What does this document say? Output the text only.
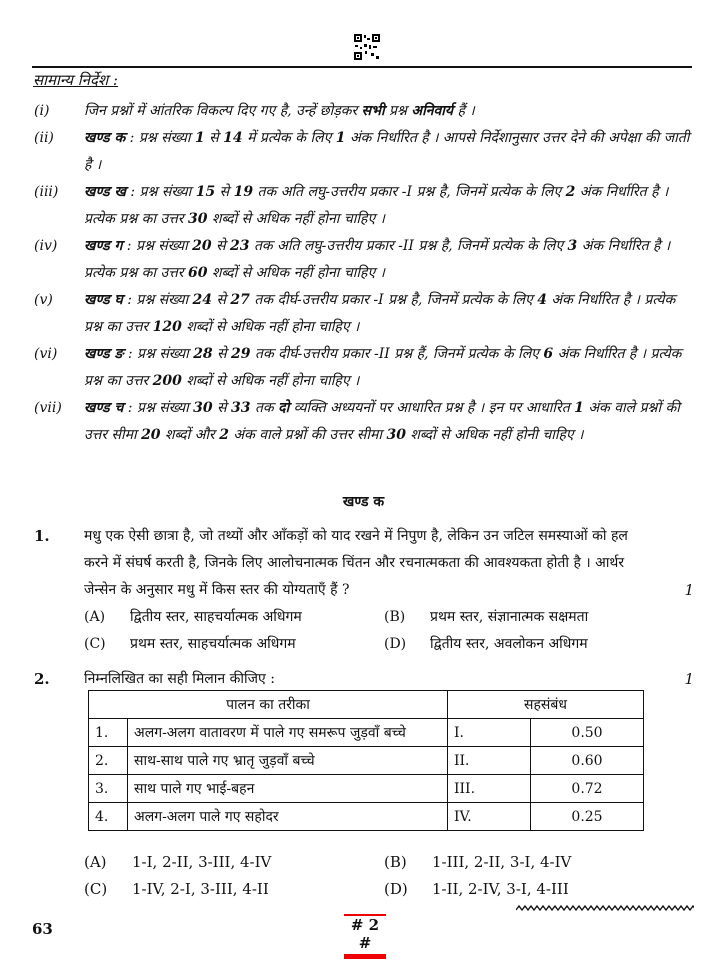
सामान्य निर्देश :
(i)	जिन प्रश्नों में आंतरिक विकल्प दिए गए है, उन्हें छोड़कर सभी प्रश्न अनिवार्य हैं ।
(ii)	खण्ड क : प्रश्न संख्या 1 से 14 में प्रत्येक के लिए 1 अंक निर्धारित है । आपसे निर्देशानुसार उत्तर देने की अपेक्षा की जाती है ।
(iii)	खण्ड ख : प्रश्न संख्या 15 से 19 तक अति लघु-उत्तरीय प्रकार -I प्रश्न है, जिनमें प्रत्येक के लिए 2 अंक निर्धारित है । प्रत्येक प्रश्न का उत्तर 30 शब्दों से अधिक नहीं होना चाहिए ।
(iv)	खण्ड ग : प्रश्न संख्या 20 से 23 तक अति लघु-उत्तरीय प्रकार -II प्रश्न है, जिनमें प्रत्येक के लिए 3 अंक निर्धारित है । प्रत्येक प्रश्न का उत्तर 60 शब्दों से अधिक नहीं होना चाहिए ।
(v)	खण्ड घ : प्रश्न संख्या 24 से 27 तक दीर्घ-उत्तरीय प्रकार -I प्रश्न है, जिनमें प्रत्येक के लिए 4 अंक निर्धारित है । प्रत्येक प्रश्न का उत्तर 120 शब्दों से अधिक नहीं होना चाहिए ।
(vi)	खण्ड ङ : प्रश्न संख्या 28 से 29 तक दीर्घ-उत्तरीय प्रकार -II प्रश्न हैं, जिनमें प्रत्येक के लिए 6 अंक निर्धारित है । प्रत्येक प्रश्न का उत्तर 200 शब्दों से अधिक नहीं होना चाहिए ।
(vii)	खण्ड च : प्रश्न संख्या 30 से 33 तक दो व्यक्ति अध्ययनों पर आधारित प्रश्न है । इन पर आधारित 1 अंक वाले प्रश्नों की उत्तर सीमा 20 शब्दों और 2 अंक वाले प्रश्नों की उत्तर सीमा 30 शब्दों से अधिक नहीं होनी चाहिए ।
खण्ड क
1. मधु एक ऐसी छात्रा है, जो तथ्यों और आँकड़ों को याद रखने में निपुण है, लेकिन उन जटिल समस्याओं को हल करने में संघर्ष करती है, जिनके लिए आलोचनात्मक चिंतन और रचनात्मकता की आवश्यकता होती है । आर्थर जेन्सेन के अनुसार मधु में किस स्तर की योग्यताएँ हैं ?	1
(A) द्वितीय स्तर, साहचर्यात्मक अधिगम	(B) प्रथम स्तर, संज्ञानात्मक सक्षमता
(C) प्रथम स्तर, साहचर्यात्मक अधिगम	(D) द्वितीय स्तर, अवलोकन अधिगम
2. निम्नलिखित का सही मिलान कीजिए :	1
पालन का तरीका		सहसंबंध	
1.	अलग-अलग वातावरण में पाले गए समरूप जुड़वाँ बच्चे	I.	0.50
2.	साथ-साथ पाले गए भ्रातृ जुड़वाँ बच्चे	II.	0.60
3.	साथ पाले गए भाई-बहन	III.	0.72
4.	अलग-अलग पाले गए सहोदर	IV.	0.25
(A) 1-I, 2-II, 3-III, 4-IV	(B) 1-III, 2-II, 3-I, 4-IV
(C) 1-IV, 2-I, 3-III, 4-II	(D) 1-II, 2-IV, 3-I, 4-III
63	# 2 #
